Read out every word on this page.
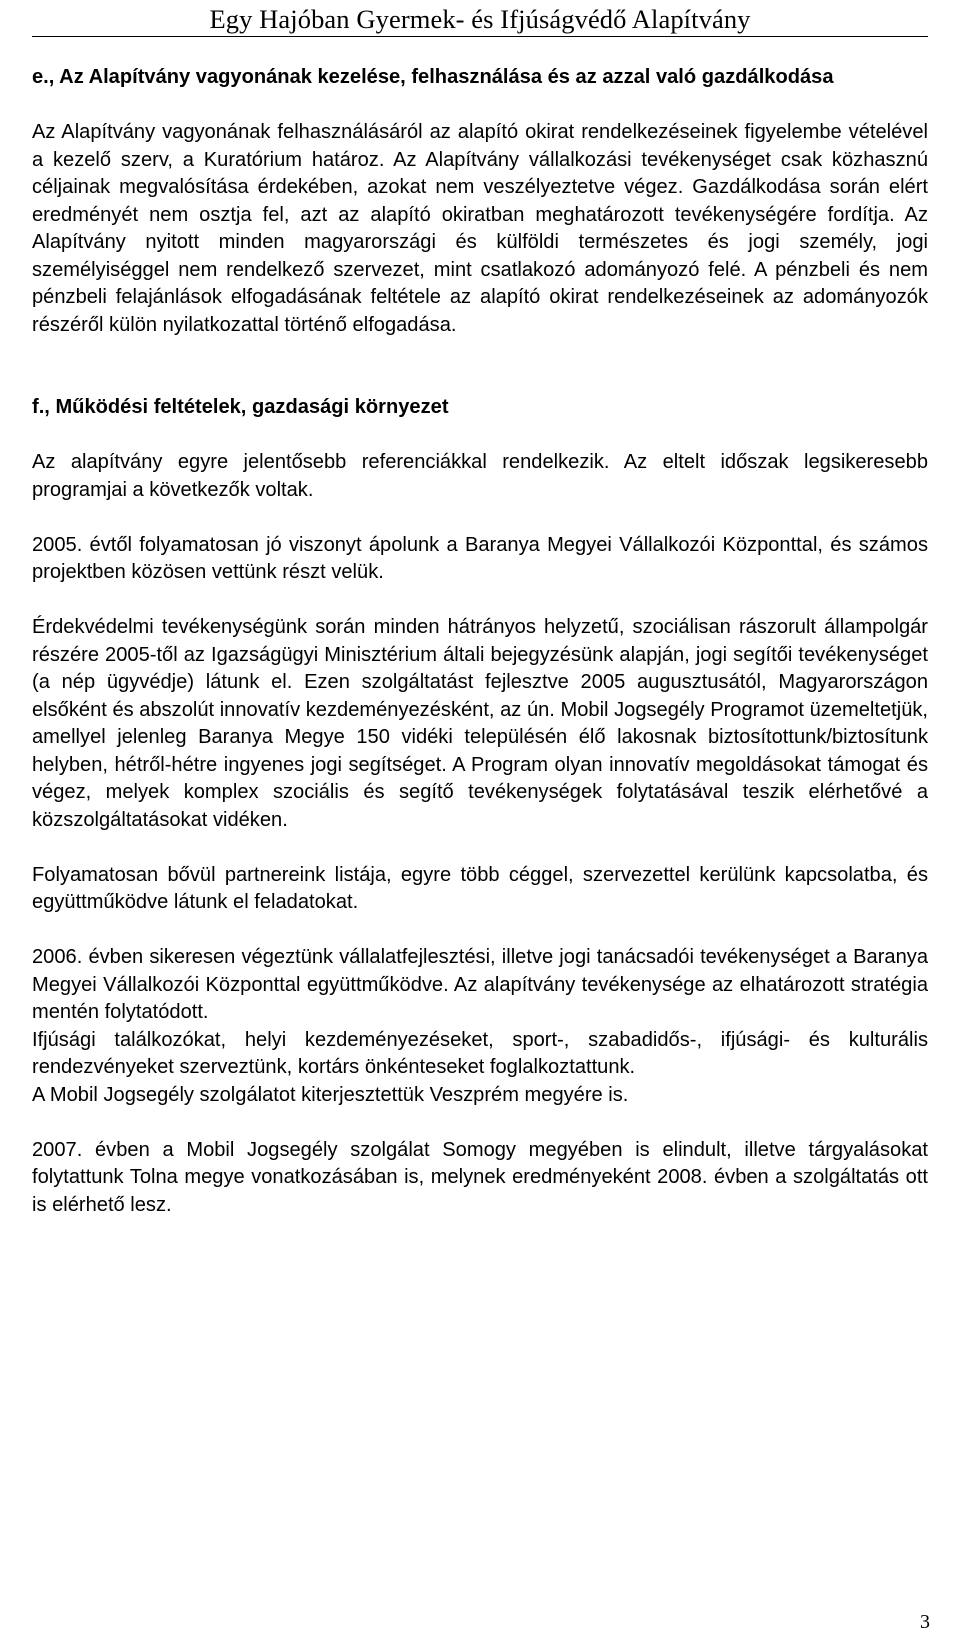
Egy Hajóban Gyermek- és Ifjúságvédő Alapítvány
e., Az Alapítvány vagyonának kezelése, felhasználása és az azzal való gazdálkodása

Az Alapítvány vagyonának felhasználásáról az alapító okirat rendelkezéseinek figyelembe vételével a kezelő szerv, a Kuratórium határoz. Az Alapítvány vállalkozási tevékenységet csak közhasznú céljainak megvalósítása érdekében, azokat nem veszélyeztetve végez. Gazdálkodása során elért eredményét nem osztja fel, azt az alapító okiratban meghatározott tevékenységére fordítja. Az Alapítvány nyitott minden magyarországi és külföldi természetes és jogi személy, jogi személyiséggel nem rendelkező szervezet, mint csatlakozó adományozó felé. A pénzbeli és nem pénzbeli felajánlások elfogadásának feltétele az alapító okirat rendelkezéseinek az adományozók részéről külön nyilatkozattal történő elfogadása.

f., Működési feltételek, gazdasági környezet

Az alapítvány egyre jelentősebb referenciákkal rendelkezik. Az eltelt időszak legsikeresebb programjai a következők voltak.

2005. évtől folyamatosan jó viszonyt ápolunk a Baranya Megyei Vállalkozói Központtal, és számos projektben közösen vettünk részt velük.

Érdekvédelmi tevékenységünk során minden hátrányos helyzetű, szociálisan rászorult állampolgár részére 2005-től az Igazságügyi Minisztérium általi bejegyzésünk alapján, jogi segítői tevékenységet (a nép ügyvédje) látunk el. Ezen szolgáltatást fejlesztve 2005 augusztusától, Magyarországon elsőként és abszolút innovatív kezdeményezésként, az ún. Mobil Jogsegély Programot üzemeltetjük, amellyel jelenleg Baranya Megye 150 vidéki településén élő lakosnak biztosítottunk/biztosítunk helyben, hétről-hétre ingyenes jogi segítséget. A Program olyan innovatív megoldásokat támogat és végez, melyek komplex szociális és segítő tevékenységek folytatásával teszik elérhetővé a közszolgáltatásokat vidéken.

Folyamatosan bővül partnereink listája, egyre több céggel, szervezettel kerülünk kapcsolatba, és együttműködve látunk el feladatokat.

2006. évben sikeresen végeztünk vállalatfejlesztési, illetve jogi tanácsadói tevékenységet a Baranya Megyei Vállalkozói Központtal együttműködve. Az alapítvány tevékenysége az elhatározott stratégia mentén folytatódott.

Ifjúsági találkozókat, helyi kezdeményezéseket, sport-, szabadidős-, ifjúsági- és kulturális rendezvényeket szerveztünk, kortárs önkénteseket foglalkoztattunk.

A Mobil Jogsegély szolgálatot kiterjesztettük Veszprém megyére is.

2007. évben a Mobil Jogsegély szolgálat Somogy megyében is elindult, illetve tárgyalásokat folytattunk Tolna megye vonatkozásában is, melynek eredményeként 2008. évben a szolgáltatás ott is elérhető lesz.

3
